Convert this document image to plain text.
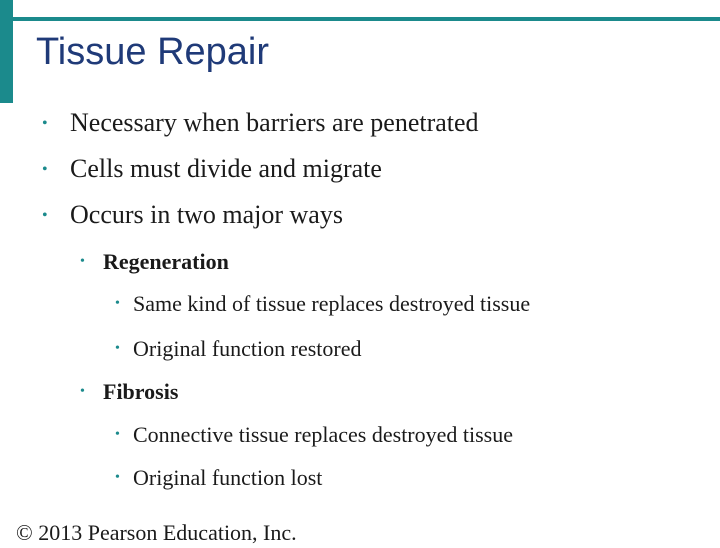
Tissue Repair
• Necessary when barriers are penetrated
• Cells must divide and migrate
• Occurs in two major ways
• Regeneration
• Same kind of tissue replaces destroyed tissue
• Original function restored
• Fibrosis
• Connective tissue replaces destroyed tissue
• Original function lost
© 2013 Pearson Education, Inc.
